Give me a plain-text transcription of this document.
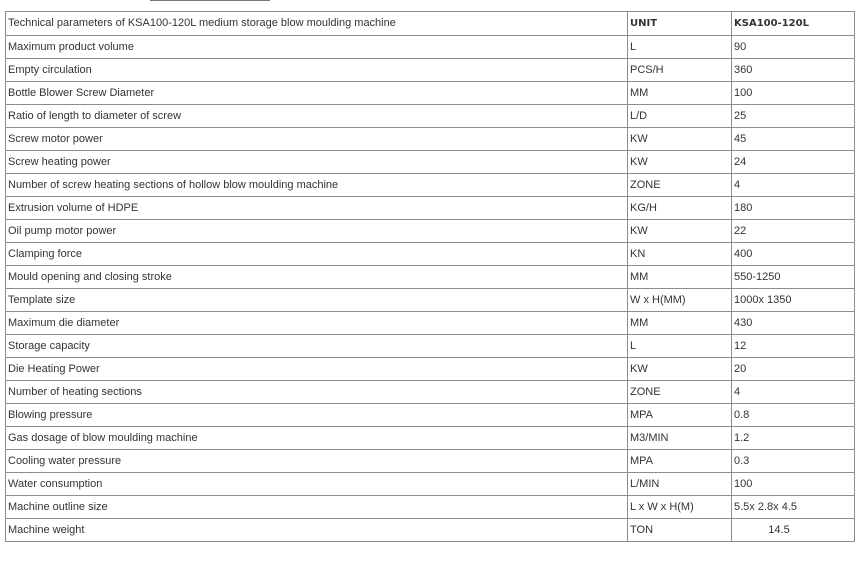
Technical parameters of KSA100-120L medium storage blow moulding machine	UNIT	KSA100-120L
Maximum product volume	L	90
Empty circulation	PCS/H	360
Bottle Blower Screw Diameter	MM	100
Ratio of length to diameter of screw	L/D	25
Screw motor power	KW	45
Screw heating power	KW	24
Number of screw heating sections of hollow blow moulding machine	ZONE	4
Extrusion volume of HDPE	KG/H	180
Oil pump motor power	KW	22
Clamping force	KN	400
Mould opening and closing stroke	MM	550-1250
Template size	W x H(MM)	1000x 1350
Maximum die diameter	MM	430
Storage capacity	L	12
Die Heating Power	KW	20
Number of heating sections	ZONE	4
Blowing pressure	MPA	0.8
Gas dosage of blow moulding machine	M3/MIN	1.2
Cooling water pressure	MPA	0.3
Water consumption	L/MIN	100
Machine outline size	L x W x H(M)	5.5x 2.8x 4.5
Machine weight	TON	14.5
